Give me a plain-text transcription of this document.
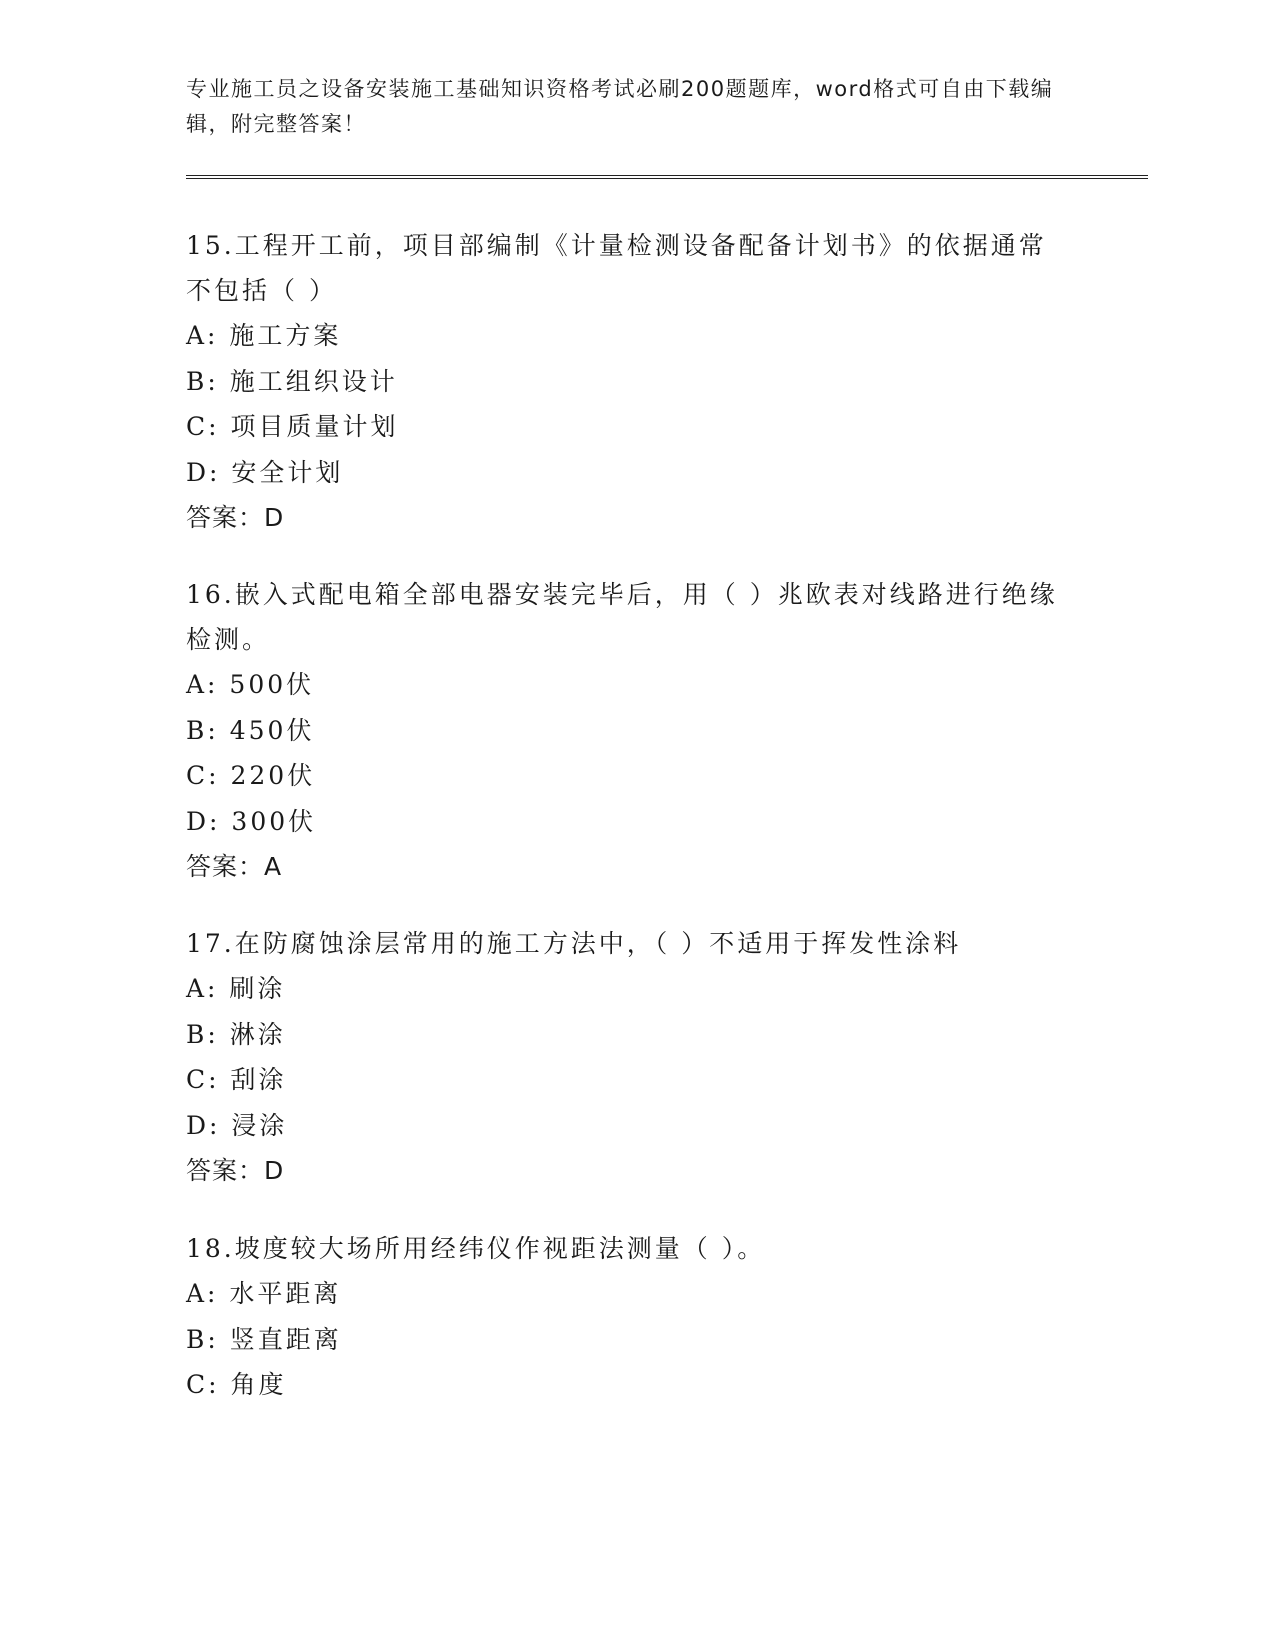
专业施工员之设备安装施工基础知识资格考试必刷200题题库，word格式可自由下载编辑，附完整答案！

15.工程开工前，项目部编制《计量检测设备配备计划书》的依据通常不包括（ ）

A: 施工方案

B: 施工组织设计

C: 项目质量计划

D: 安全计划

答案：D

16.嵌入式配电箱全部电器安装完毕后，用（ ）兆欧表对线路进行绝缘检测。

A: 500伏

B: 450伏

C: 220伏

D: 300伏

答案：A

17.在防腐蚀涂层常用的施工方法中，（ ）不适用于挥发性涂料

A: 刷涂

B: 淋涂

C: 刮涂

D: 浸涂

答案：D

18.坡度较大场所用经纬仪作视距法测量（ ）。

A: 水平距离

B: 竖直距离

C: 角度
